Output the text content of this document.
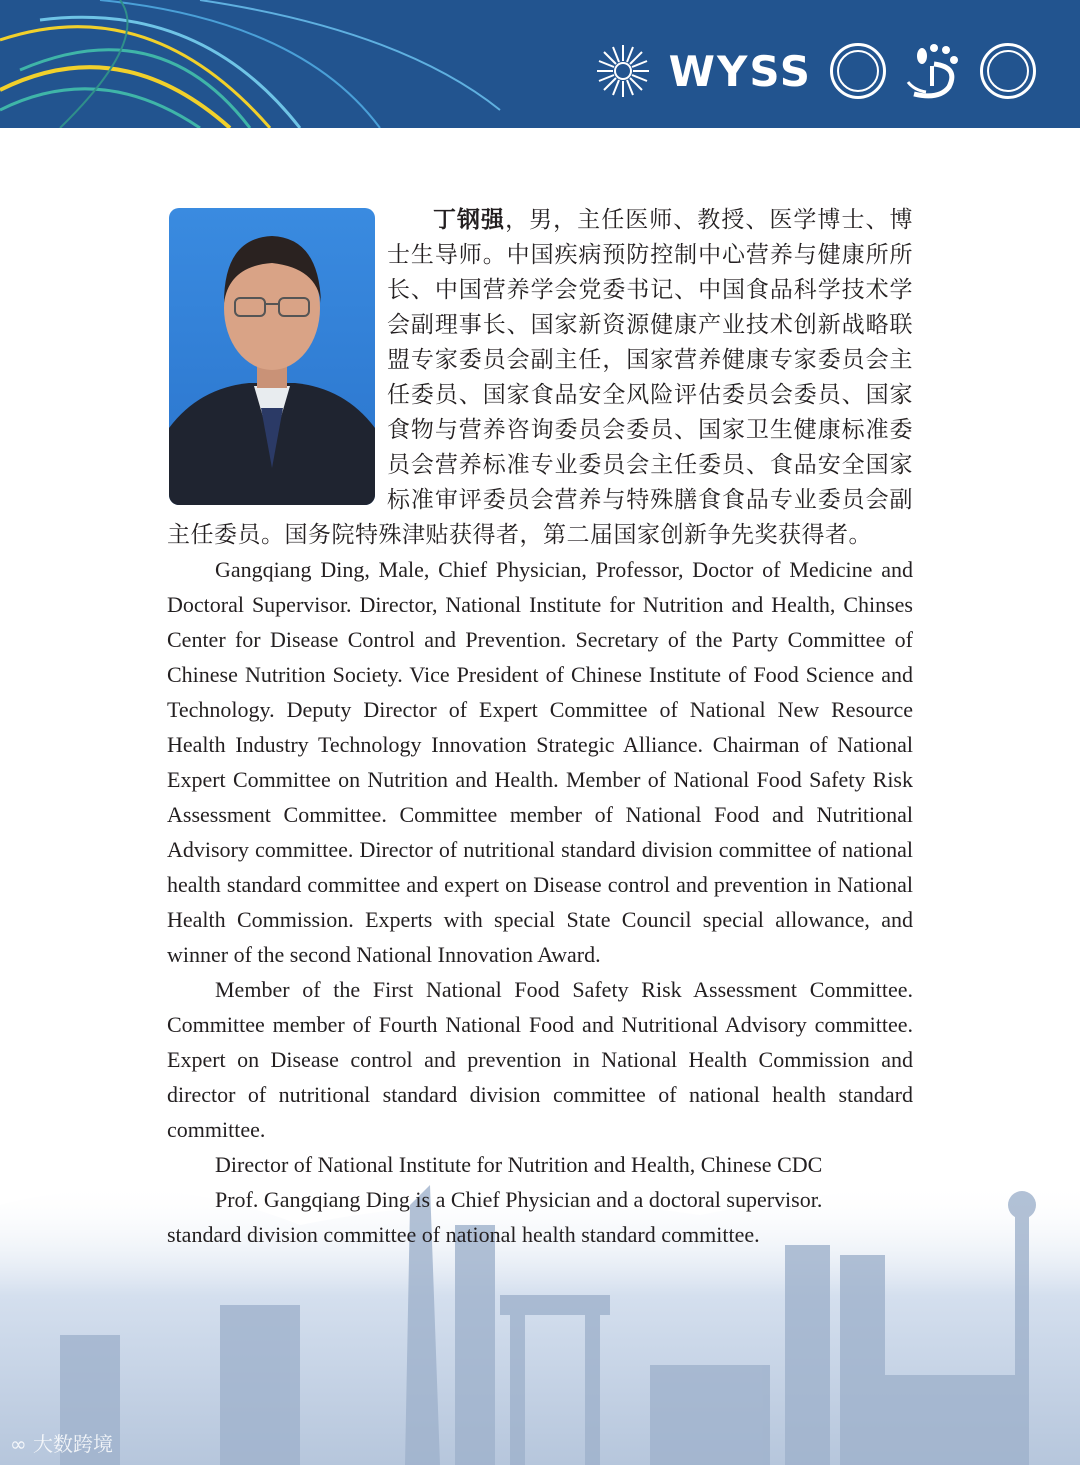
WYSS

丁钢强，男，主任医师、教授、医学博士、博士生导师。中国疾病预防控制中心营养与健康所所长、中国营养学会党委书记、中国食品科学技术学会副理事长、国家新资源健康产业技术创新战略联盟专家委员会副主任，国家营养健康专家委员会主任委员、国家食品安全风险评估委员会委员、国家食物与营养咨询委员会委员、国家卫生健康标准委员会营养标准专业委员会主任委员、食品安全国家标准审评委员会营养与特殊膳食食品专业委员会副主任委员。国务院特殊津贴获得者，第二届国家创新争先奖获得者。

Gangqiang Ding, Male, Chief Physician, Professor, Doctor of Medicine and Doctoral Supervisor. Director, National Institute for Nutrition and Health, Chinses Center for Disease Control and Prevention. Secretary of the Party Committee of Chinese Nutrition Society. Vice President of Chinese Institute of Food Science and Technology. Deputy Director of Expert Committee of National New Resource Health Industry Technology Innovation Strategic Alliance. Chairman of National Expert Committee on Nutrition and Health. Member of National Food Safety Risk Assessment Committee. Committee member of National Food and Nutritional Advisory committee. Director of nutritional standard division committee of national health standard committee and expert on Disease control and prevention in National Health Commission. Experts with special State Council special allowance, and winner of the second National Innovation Award.

Member of the First National Food Safety Risk Assessment Committee. Committee member of Fourth National Food and Nutritional Advisory committee. Expert on Disease control and prevention in National Health Commission and director of nutritional standard division committee of national health standard committee.

Director of National Institute for Nutrition and Health, Chinese CDC

Prof. Gangqiang Ding is a Chief Physician and a doctoral supervisor.

standard division committee of national health standard committee.

∞ 大数跨境
